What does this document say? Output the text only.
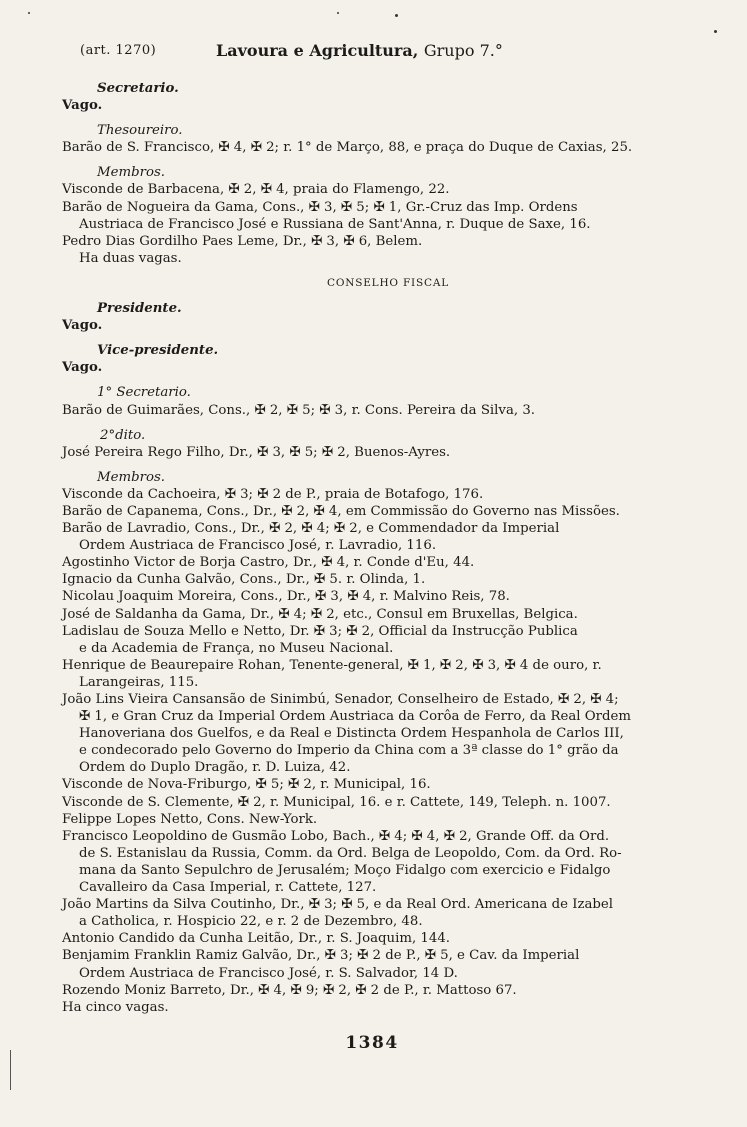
(art. 1270)	Lavoura e Agricultura, Grupo 7.°
Secretario.
Vago.
Thesoureiro.
Barão de S. Francisco, ✠ 4, ✠ 2; r. 1° de Março, 88, e praça do Duque de Caxias, 25.
Membros.
Visconde de Barbacena, ✠ 2, ✠ 4, praia do Flamengo, 22.
Barão de Nogueira da Gama, Cons., ✠ 3, ✠ 5; ✠ 1, Gr.-Cruz das Imp. Ordens
Austriaca de Francisco José e Russiana de Sant'Anna, r. Duque de Saxe, 16.
Pedro Dias Gordilho Paes Leme, Dr., ✠ 3, ✠ 6, Belem.
Ha duas vagas.
CONSELHO FISCAL
Presidente.
Vago.
Vice-presidente.
Vago.
1° Secretario.
Barão de Guimarães, Cons., ✠ 2, ✠ 5; ✠ 3, r. Cons. Pereira da Silva, 3.
2°dito.
José Pereira Rego Filho, Dr., ✠ 3, ✠ 5; ✠ 2, Buenos-Ayres.
Membros.
Visconde da Cachoeira, ✠ 3; ✠ 2 de P., praia de Botafogo, 176.
Barão de Capanema, Cons., Dr., ✠ 2, ✠ 4, em Commissão do Governo nas Missões.
Barão de Lavradio, Cons., Dr., ✠ 2, ✠ 4; ✠ 2, e Commendador da Imperial
Ordem Austriaca de Francisco José, r. Lavradio, 116.
Agostinho Victor de Borja Castro, Dr., ✠ 4, r. Conde d'Eu, 44.
Ignacio da Cunha Galvão, Cons., Dr., ✠ 5. r. Olinda, 1.
Nicolau Joaquim Moreira, Cons., Dr., ✠ 3, ✠ 4, r. Malvino Reis, 78.
José de Saldanha da Gama, Dr., ✠ 4; ✠ 2, etc., Consul em Bruxellas, Belgica.
Ladislau de Souza Mello e Netto, Dr. ✠ 3; ✠ 2, Official da Instrucção Publica
e da Academia de França, no Museu Nacional.
Henrique de Beaurepaire Rohan, Tenente-general, ✠ 1, ✠ 2, ✠ 3, ✠ 4 de ouro, r.
Larangeiras, 115.
João Lins Vieira Cansansão de Sinimbú, Senador, Conselheiro de Estado, ✠ 2, ✠ 4;
✠ 1, e Gran Cruz da Imperial Ordem Austriaca da Corôa de Ferro, da Real Ordem
Hanoveriana dos Guelfos, e da Real e Distincta Ordem Hespanhola de Carlos III,
e condecorado pelo Governo do Imperio da China com a 3ª classe do 1° grão da
Ordem do Duplo Dragão, r. D. Luiza, 42.
Visconde de Nova-Friburgo, ✠ 5; ✠ 2, r. Municipal, 16.
Visconde de S. Clemente, ✠ 2, r. Municipal, 16. e r. Cattete, 149, Teleph. n. 1007.
Felippe Lopes Netto, Cons. New-York.
Francisco Leopoldino de Gusmão Lobo, Bach., ✠ 4; ✠ 4, ✠ 2, Grande Off. da Ord.
de S. Estanislau da Russia, Comm. da Ord. Belga de Leopoldo, Com. da Ord. Ro-
mana da Santo Sepulchro de Jerusalém; Moço Fidalgo com exercicio e Fidalgo
Cavalleiro da Casa Imperial, r. Cattete, 127.
João Martins da Silva Coutinho, Dr., ✠ 3; ✠ 5, e da Real Ord. Americana de Izabel
a Catholica, r. Hospicio 22, e r. 2 de Dezembro, 48.
Antonio Candido da Cunha Leitão, Dr., r. S. Joaquim, 144.
Benjamim Franklin Ramiz Galvão, Dr., ✠ 3; ✠ 2 de P., ✠ 5, e Cav. da Imperial
Ordem Austriaca de Francisco José, r. S. Salvador, 14 D.
Rozendo Moniz Barreto, Dr., ✠ 4, ✠ 9; ✠ 2, ✠ 2 de P., r. Mattoso 67.
Ha cinco vagas.
1384
